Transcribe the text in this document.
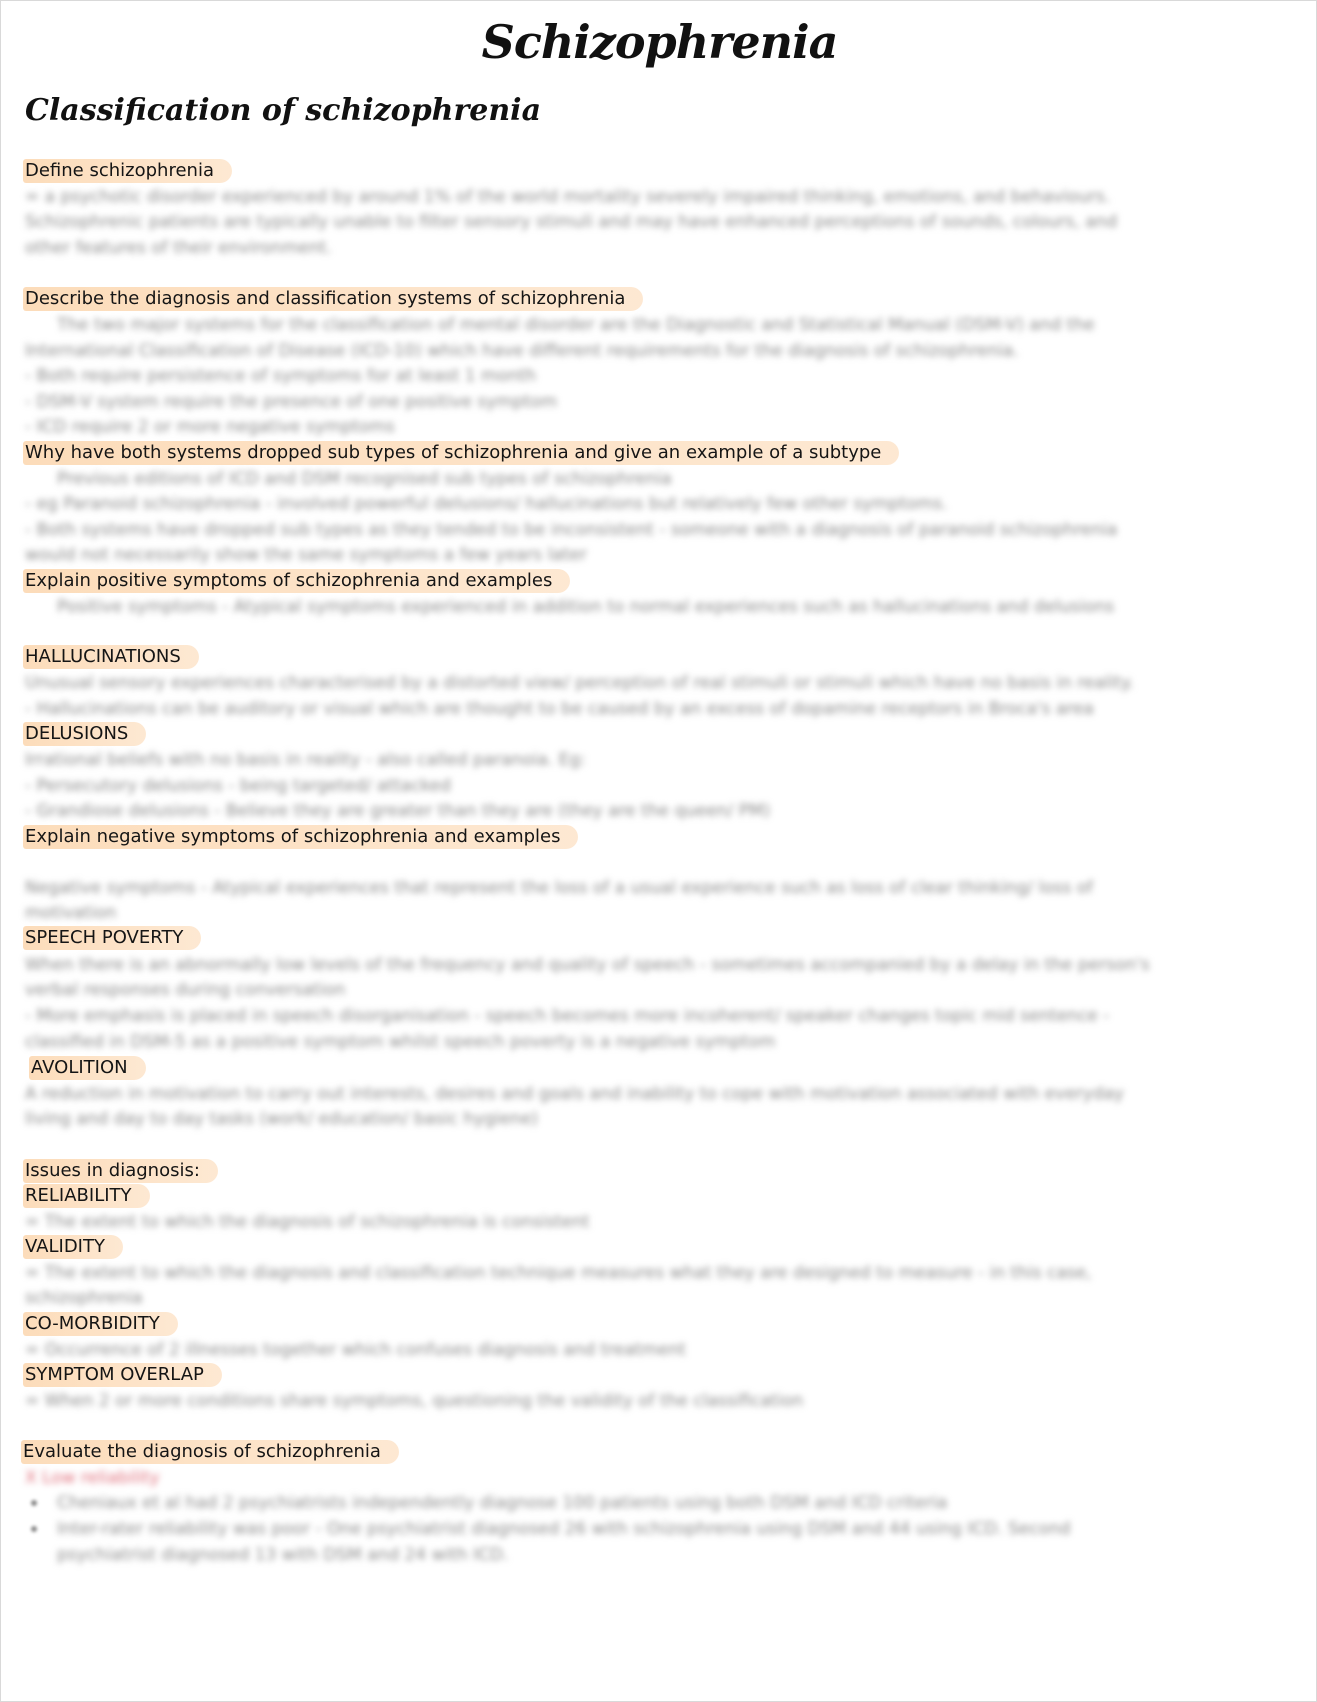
Schizophrenia
Classification of schizophrenia
Define schizophrenia
= a psychotic disorder experienced by around 1% of the world mortality severely impaired thinking, emotions, and behaviours.
Schizophrenic patients are typically unable to filter sensory stimuli and may have enhanced perceptions of sounds, colours, and
other features of their environment.
Describe the diagnosis and classification systems of schizophrenia
The two major systems for the classification of mental disorder are the Diagnostic and Statistical Manual (DSM-V) and the
International Classification of Disease (ICD-10) which have different requirements for the diagnosis of schizophrenia.
- Both require persistence of symptoms for at least 1 month
- DSM-V system require the presence of one positive symptom
- ICD require 2 or more negative symptoms
Why have both systems dropped sub types of schizophrenia and give an example of a subtype
Previous editions of ICD and DSM recognised sub types of schizophrenia
- eg Paranoid schizophrenia - involved powerful delusions/ hallucinations but relatively few other symptoms.
- Both systems have dropped sub types as they tended to be inconsistent - someone with a diagnosis of paranoid schizophrenia
would not necessarily show the same symptoms a few years later
Explain positive symptoms of schizophrenia and examples
Positive symptoms - Atypical symptoms experienced in addition to normal experiences such as hallucinations and delusions
HALLUCINATIONS
Unusual sensory experiences characterised by a distorted view/ perception of real stimuli or stimuli which have no basis in reality.
- Hallucinations can be auditory or visual which are thought to be caused by an excess of dopamine receptors in Broca's area
DELUSIONS
Irrational beliefs with no basis in reality - also called paranoia. Eg:
- Persecutory delusions - being targeted/ attacked
- Grandiose delusions - Believe they are greater than they are (they are the queen/ PM)
Explain negative symptoms of schizophrenia and examples
Negative symptoms - Atypical experiences that represent the loss of a usual experience such as loss of clear thinking/ loss of
motivation
SPEECH POVERTY
When there is an abnormally low levels of the frequency and quality of speech - sometimes accompanied by a delay in the person's
verbal responses during conversation
- More emphasis is placed in speech disorganisation - speech becomes more incoherent/ speaker changes topic mid sentence -
classified in DSM-5 as a positive symptom whilst speech poverty is a negative symptom
AVOLITION
A reduction in motivation to carry out interests, desires and goals and inability to cope with motivation associated with everyday
living and day to day tasks (work/ education/ basic hygiene)
Issues in diagnosis:
RELIABILITY
= The extent to which the diagnosis of schizophrenia is consistent
VALIDITY
= The extent to which the diagnosis and classification technique measures what they are designed to measure - in this case,
schizophrenia
CO-MORBIDITY
= Occurrence of 2 illnesses together which confuses diagnosis and treatment
SYMPTOM OVERLAP
= When 2 or more conditions share symptoms, questioning the validity of the classification
Evaluate the diagnosis of schizophrenia
X Low reliability
Cheniaux et al had 2 psychiatrists independently diagnose 100 patients using both DSM and ICD criteria
Inter-rater reliability was poor - One psychiatrist diagnosed 26 with schizophrenia using DSM and 44 using ICD. Second
psychiatrist diagnosed 13 with DSM and 24 with ICD.
